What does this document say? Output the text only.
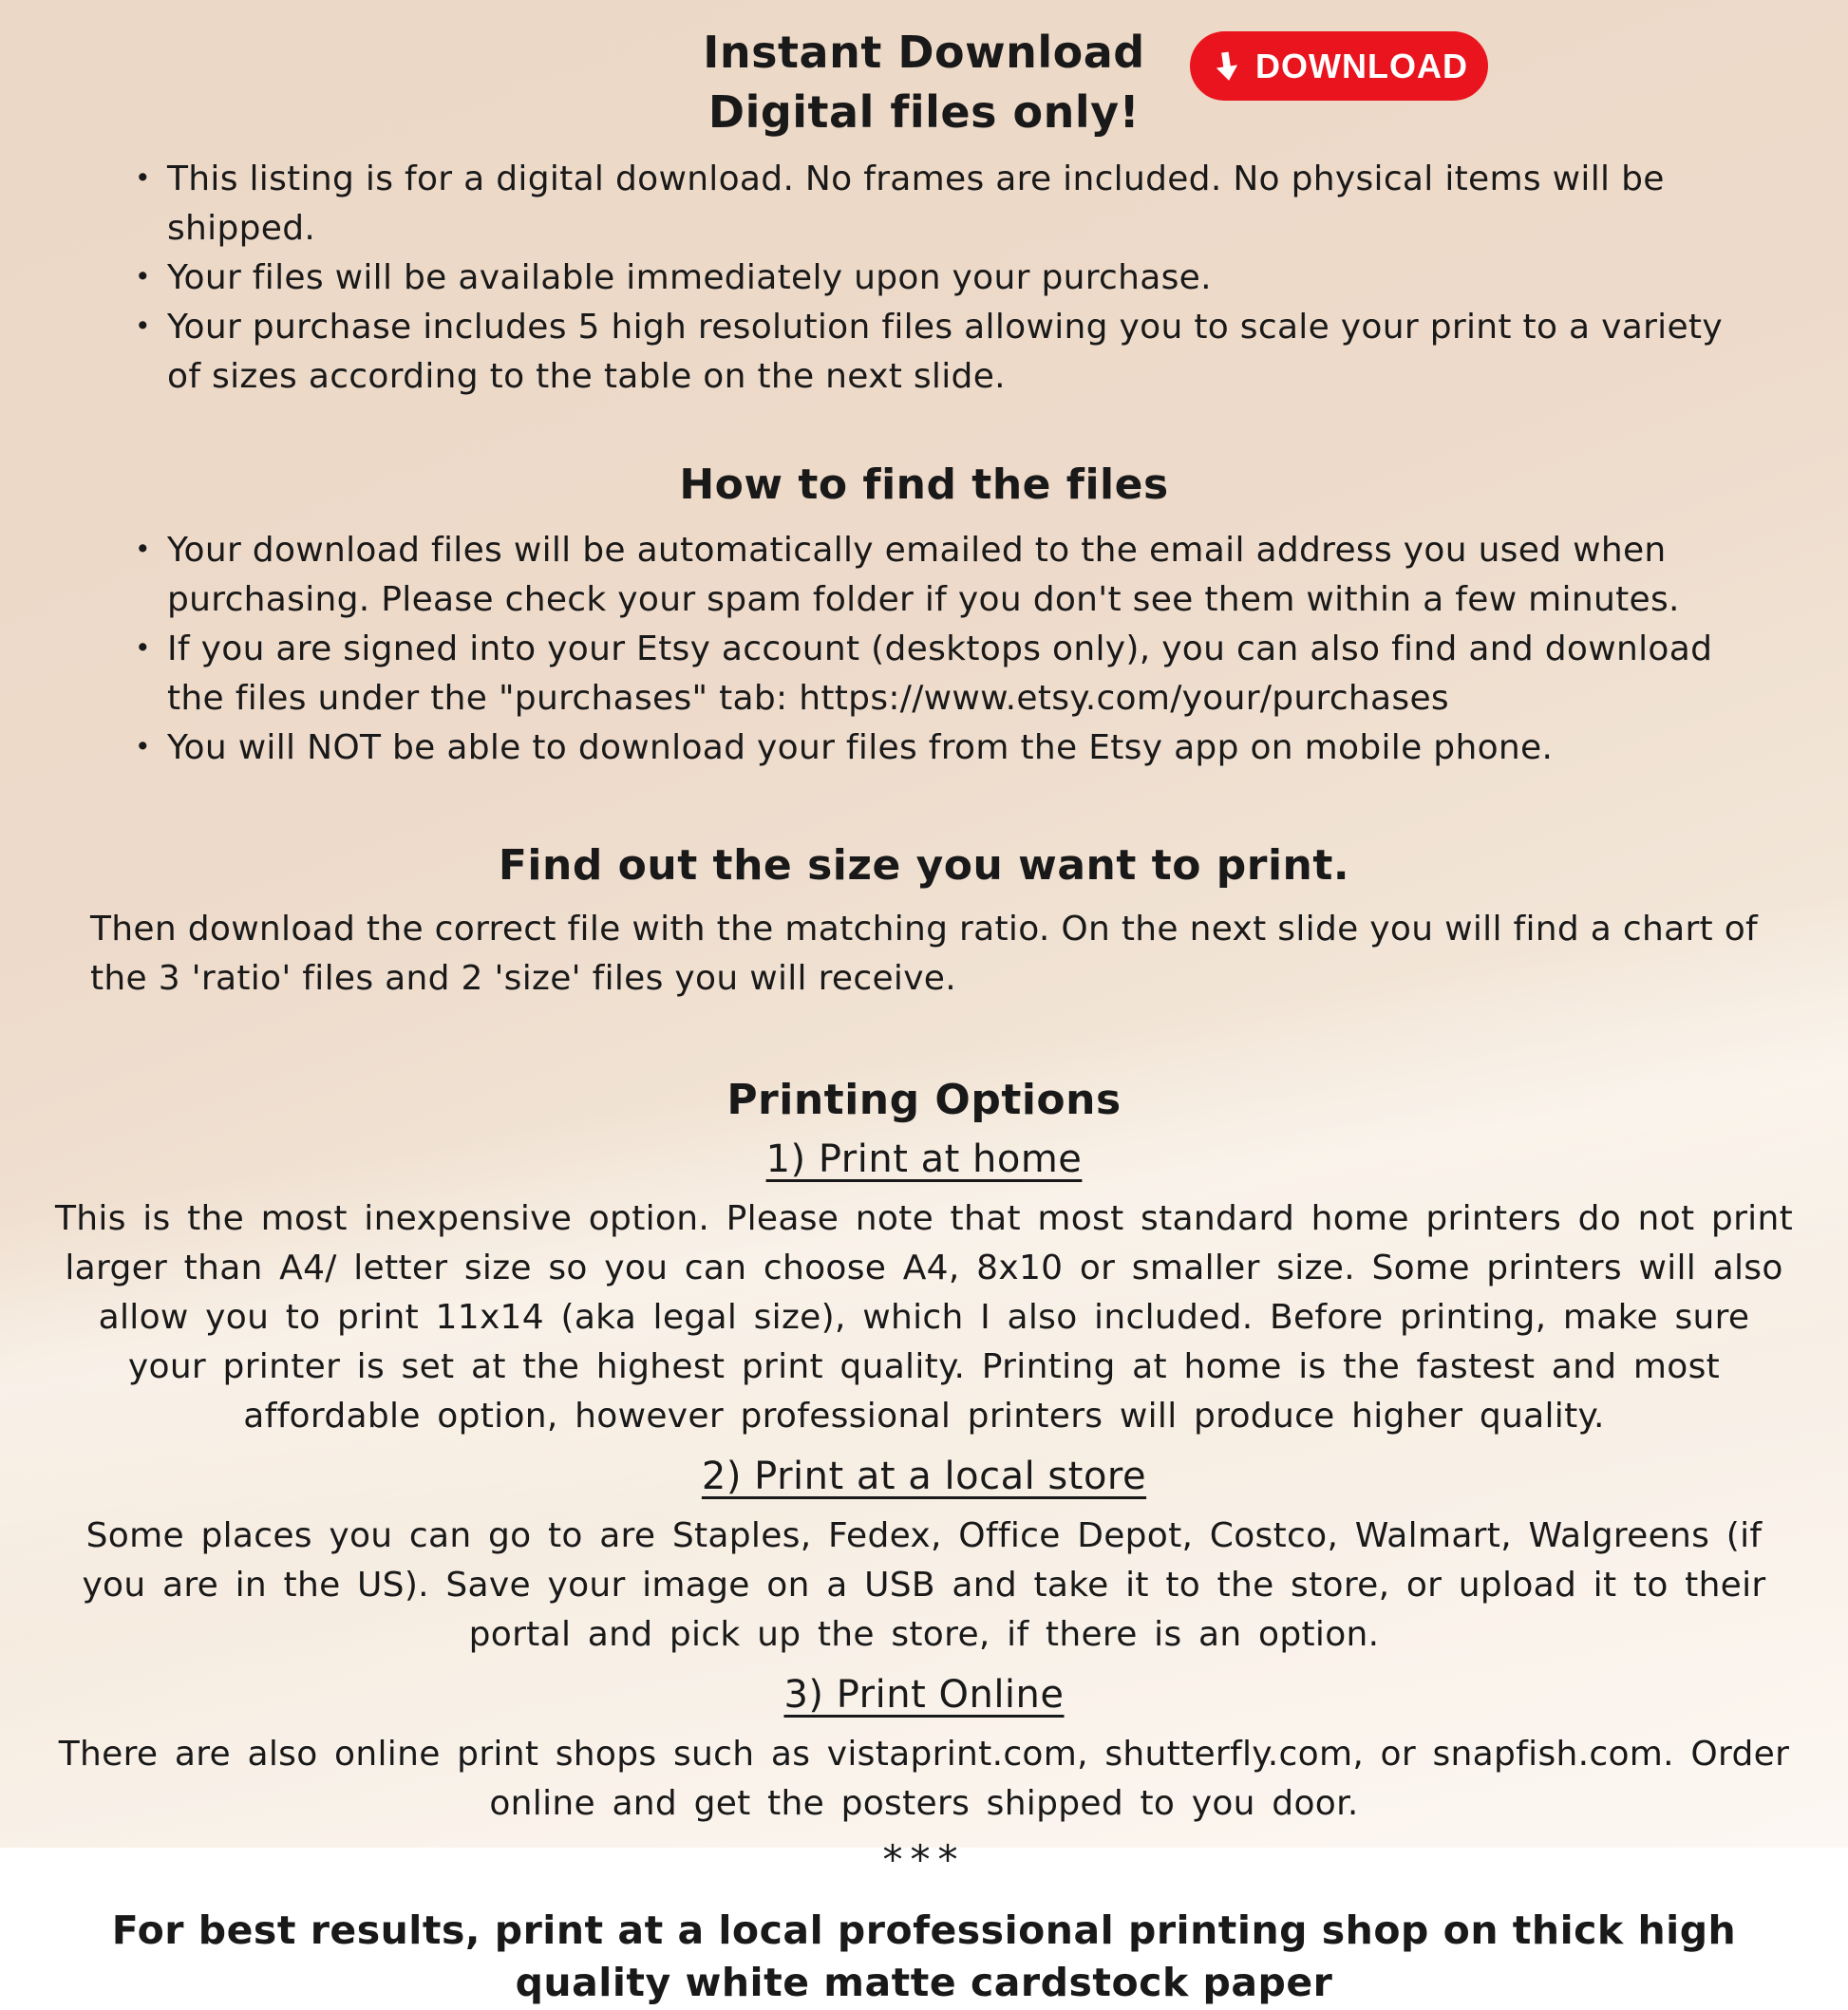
Instant Download
Digital files only!
DOWNLOAD
• This listing is for a digital download. No frames are included. No physical items will be shipped.
• Your files will be available immediately upon your purchase.
• Your purchase includes 5 high resolution files allowing you to scale your print to a variety of sizes according to the table on the next slide.
How to find the files
• Your download files will be automatically emailed to the email address you used when purchasing. Please check your spam folder if you don't see them within a few minutes.
• If you are signed into your Etsy account (desktops only), you can also find and download the files under the "purchases" tab: https://www.etsy.com/your/purchases
• You will NOT be able to download your files from the Etsy app on mobile phone.
Find out the size you want to print.

Then download the correct file with the matching ratio. On the next slide you will find a chart of the 3 'ratio' files and 2 'size' files you will receive.

Printing Options
1) Print at home

This is the most inexpensive option. Please note that most standard home printers do not print larger than A4/ letter size so you can choose A4, 8x10 or smaller size. Some printers will also allow you to print 11x14 (aka legal size), which I also included. Before printing, make sure your printer is set at the highest print quality. Printing at home is the fastest and most affordable option, however professional printers will produce higher quality.

2) Print at a local store

Some places you can go to are Staples, Fedex, Office Depot, Costco, Walmart, Walgreens (if you are in the US). Save your image on a USB and take it to the store, or upload it to their portal and pick up the store, if there is an option.

3) Print Online

There are also online print shops such as vistaprint.com, shutterfly.com, or snapfish.com. Order online and get the posters shipped to you door.

***

For best results, print at a local professional printing shop on thick high quality white matte cardstock paper
